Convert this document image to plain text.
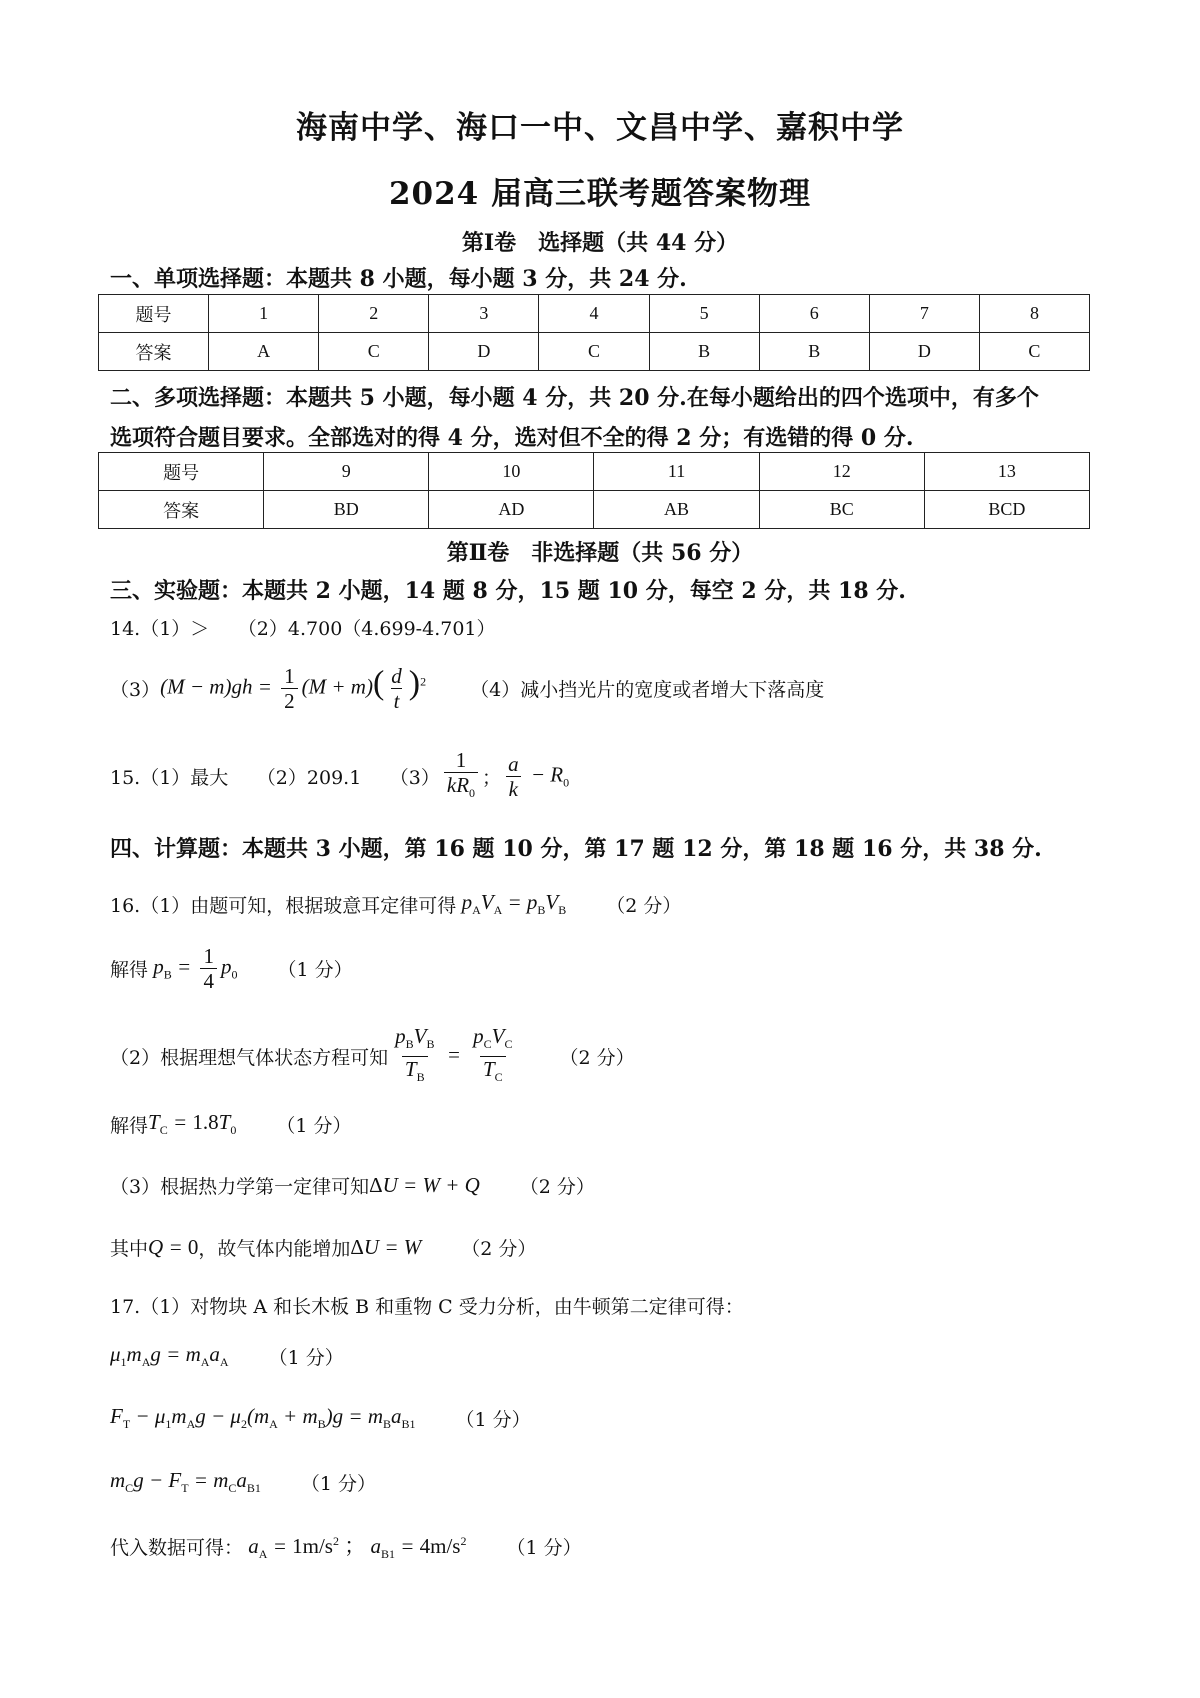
海南中学、海口一中、文昌中学、嘉积中学
2024 届高三联考题答案物理
第Ⅰ卷　选择题（共 44 分）
一、单项选择题：本题共 8 小题，每小题 3 分，共 24 分.
题号	1	2	3	4	5	6	7	8
答案	A	C	D	C	B	B	D	C
二、多项选择题：本题共 5 小题，每小题 4 分，共 20 分.在每小题给出的四个选项中，有多个
选项符合题目要求。全部选对的得 4 分，选对但不全的得 2 分；有选错的得 0 分.
题号	9	10	11	12	13
答案	BD	AD	AB	BC	BCD
第Ⅱ卷　非选择题（共 56 分）
三、实验题：本题共 2 小题，14 题 8 分，15 题 10 分，每空 2 分，共 18 分.
14.（1）＞　　（2）4.700（4.699-4.701）
（3） $(M - m)gh = \frac{1}{2} (M + m)( \frac{d}{t} )^2$ （4）减小挡光片的宽度或者增大下落高度
15.（1）最大　　（2）209.1　　$(3) \frac{1}{kR_0}$ ； $\frac{a}{k} - R_0$
四、计算题：本题共 3 小题，第 16 题 10 分，第 17 题 12 分，第 18 题 16 分，共 38 分.
16.（1）由题可知，根据玻意耳定律可得 $p_AV_A = p_BV_B$ （2 分）
解得 $p_B = \frac{1}{4} p_0$ （1 分）
（2）根据理想气体状态方程可知 $\frac{p_BV_B}{T_B} = \frac{p_CV_C}{T_C} (2$ 分）
解得 $T_C = 1.8T_0$ （1 分）
（3）根据热力学第一定律可知 ΔU = W + Q （2 分）
其中 Q = 0 ，故气体内能增加 ΔU = W （2 分）
17.（1）对物块 A 和长木板 B 和重物 C 受力分析，由牛顿第二定律可得：
$\mu_1m_Ag = m_Aa_A$ （1 分）
$F_T - \mu_1m_Ag - \mu_2(m_A + m_B)g = m_Ba_{B1}$ （1 分）
$m_Cg - F_T = m_Ca_{B1}$ （1 分）
代入数据可得： $a_A = 1m/s^2$ ； $a_{B1} = 4m/s^2$ （1 分）
